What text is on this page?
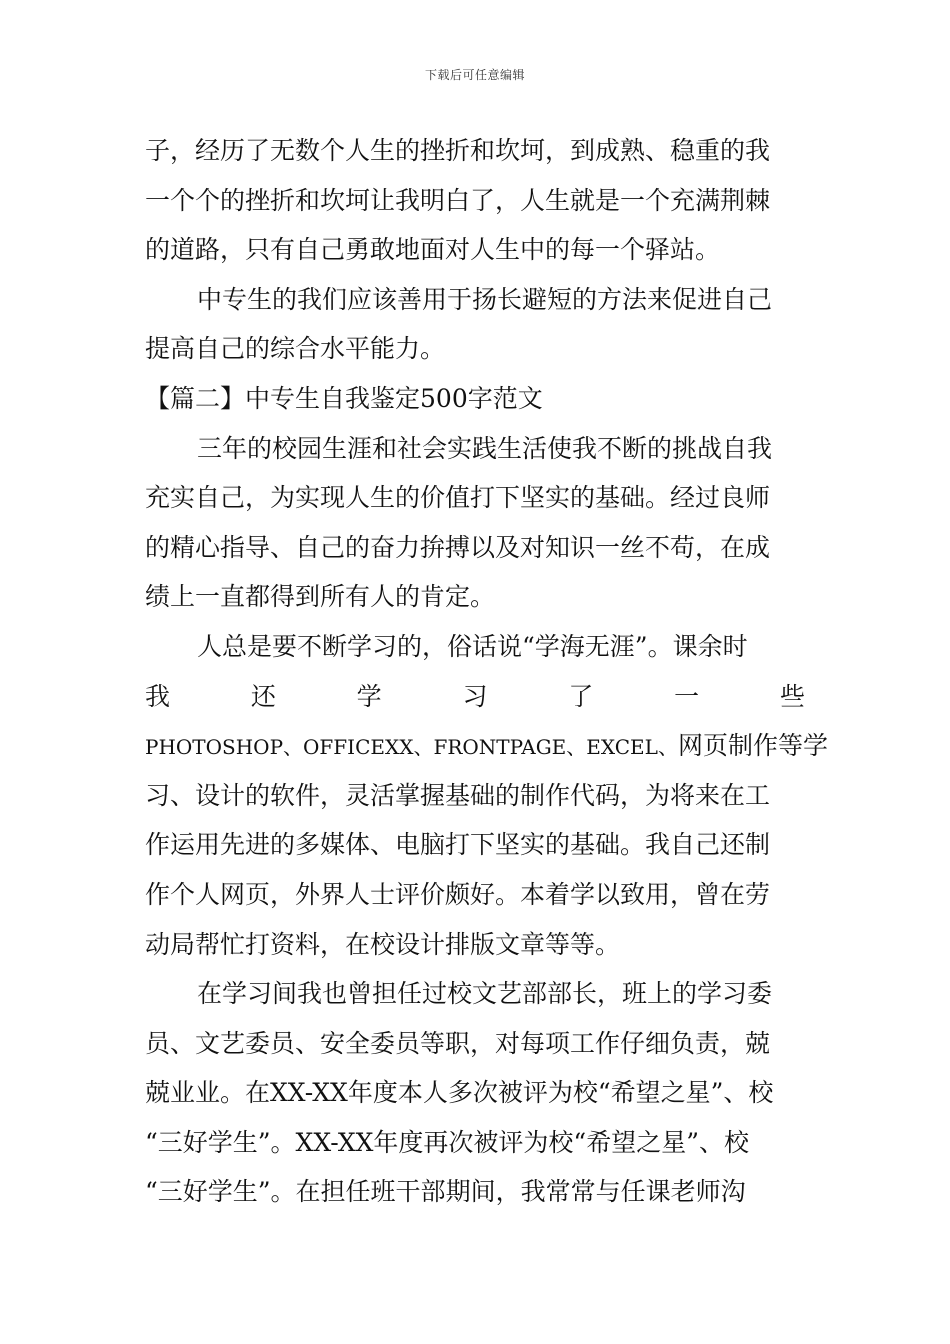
下载后可任意编辑
子，经历了无数个人生的挫折和坎坷，到成熟、稳重的我
一个个的挫折和坎坷让我明白了，人生就是一个充满荆棘
的道路，只有自己勇敢地面对人生中的每一个驿站。
中专生的我们应该善用于扬长避短的方法来促进自己
提高自己的综合水平能力。
【篇二】中专生自我鉴定500字范文
三年的校园生涯和社会实践生活使我不断的挑战自我
充实自己，为实现人生的价值打下坚实的基础。经过良师
的精心指导、自己的奋力拚搏以及对知识一丝不苟，在成
绩上一直都得到所有人的肯定。
人总是要不断学习的，俗话说“学海无涯”。课余时
我	还	学	习	了	一	些
PHOTOSHOP、OFFICEXX、FRONTPAGE、EXCEL、网页制作等学
习、设计的软件，灵活掌握基础的制作代码，为将来在工
作运用先进的多媒体、电脑打下坚实的基础。我自己还制
作个人网页，外界人士评价颇好。本着学以致用，曾在劳
动局帮忙打资料，在校设计排版文章等等。
在学习间我也曾担任过校文艺部部长，班上的学习委
员、文艺委员、安全委员等职，对每项工作仔细负责，兢
兢业业。在XX-XX年度本人多次被评为校“希望之星”、校
“三好学生”。XX-XX年度再次被评为校“希望之星”、校
“三好学生”。在担任班干部期间，我常常与任课老师沟
